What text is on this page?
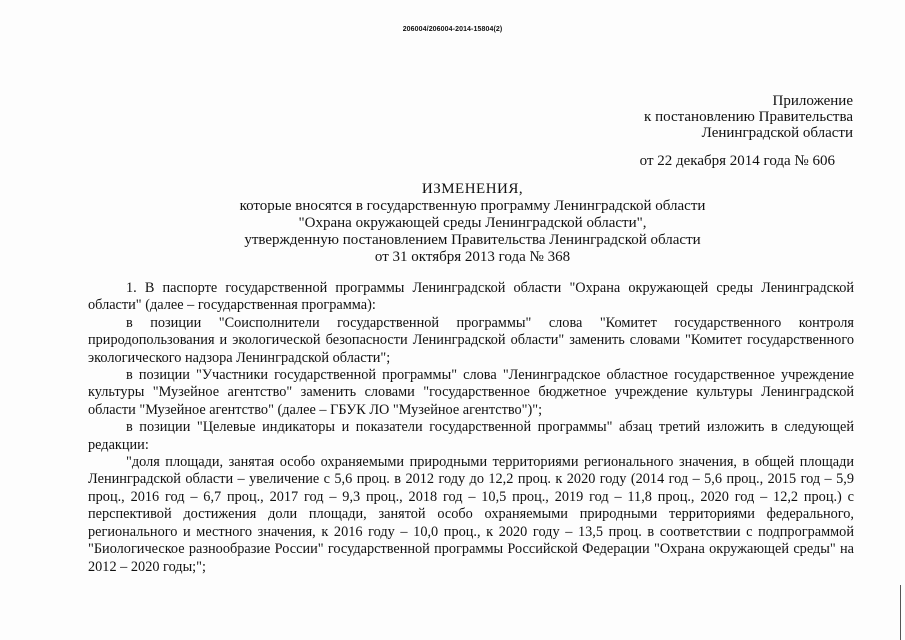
206004/206004-2014-15804(2)
Приложение
к постановлению Правительства
Ленинградской области
от 22 декабря 2014 года № 606
ИЗМЕНЕНИЯ,
которые вносятся в государственную программу Ленинградской области
"Охрана окружающей среды Ленинградской области",
утвержденную постановлением Правительства Ленинградской области
от 31 октября 2013 года № 368

1. В паспорте государственной программы Ленинградской области "Охрана окружающей среды Ленинградской области" (далее – государственная программа):

в позиции "Соисполнители государственной программы" слова "Комитет государственного контроля природопользования и экологической безопасности Ленинградской области" заменить словами "Комитет государственного экологического надзора Ленинградской области";

в позиции "Участники государственной программы" слова "Ленинградское областное государственное учреждение культуры "Музейное агентство" заменить словами "государственное бюджетное учреждение культуры Ленинградской области "Музейное агентство" (далее – ГБУК ЛО "Музейное агентство")";

в позиции "Целевые индикаторы и показатели государственной программы" абзац третий изложить в следующей редакции:

"доля площади, занятая особо охраняемыми природными территориями регионального значения, в общей площади Ленинградской области – увеличение с 5,6 проц. в 2012 году до 12,2 проц. к 2020 году (2014 год – 5,6 проц., 2015 год – 5,9 проц., 2016 год – 6,7 проц., 2017 год – 9,3 проц., 2018 год – 10,5 проц., 2019 год – 11,8 проц., 2020 год – 12,2 проц.) с перспективой достижения доли площади, занятой особо охраняемыми природными территориями федерального, регионального и местного значения, к 2016 году – 10,0 проц., к 2020 году – 13,5 проц. в соответствии с подпрограммой "Биологическое разнообразие России" государственной программы Российской Федерации "Охрана окружающей среды" на 2012 – 2020 годы;";
